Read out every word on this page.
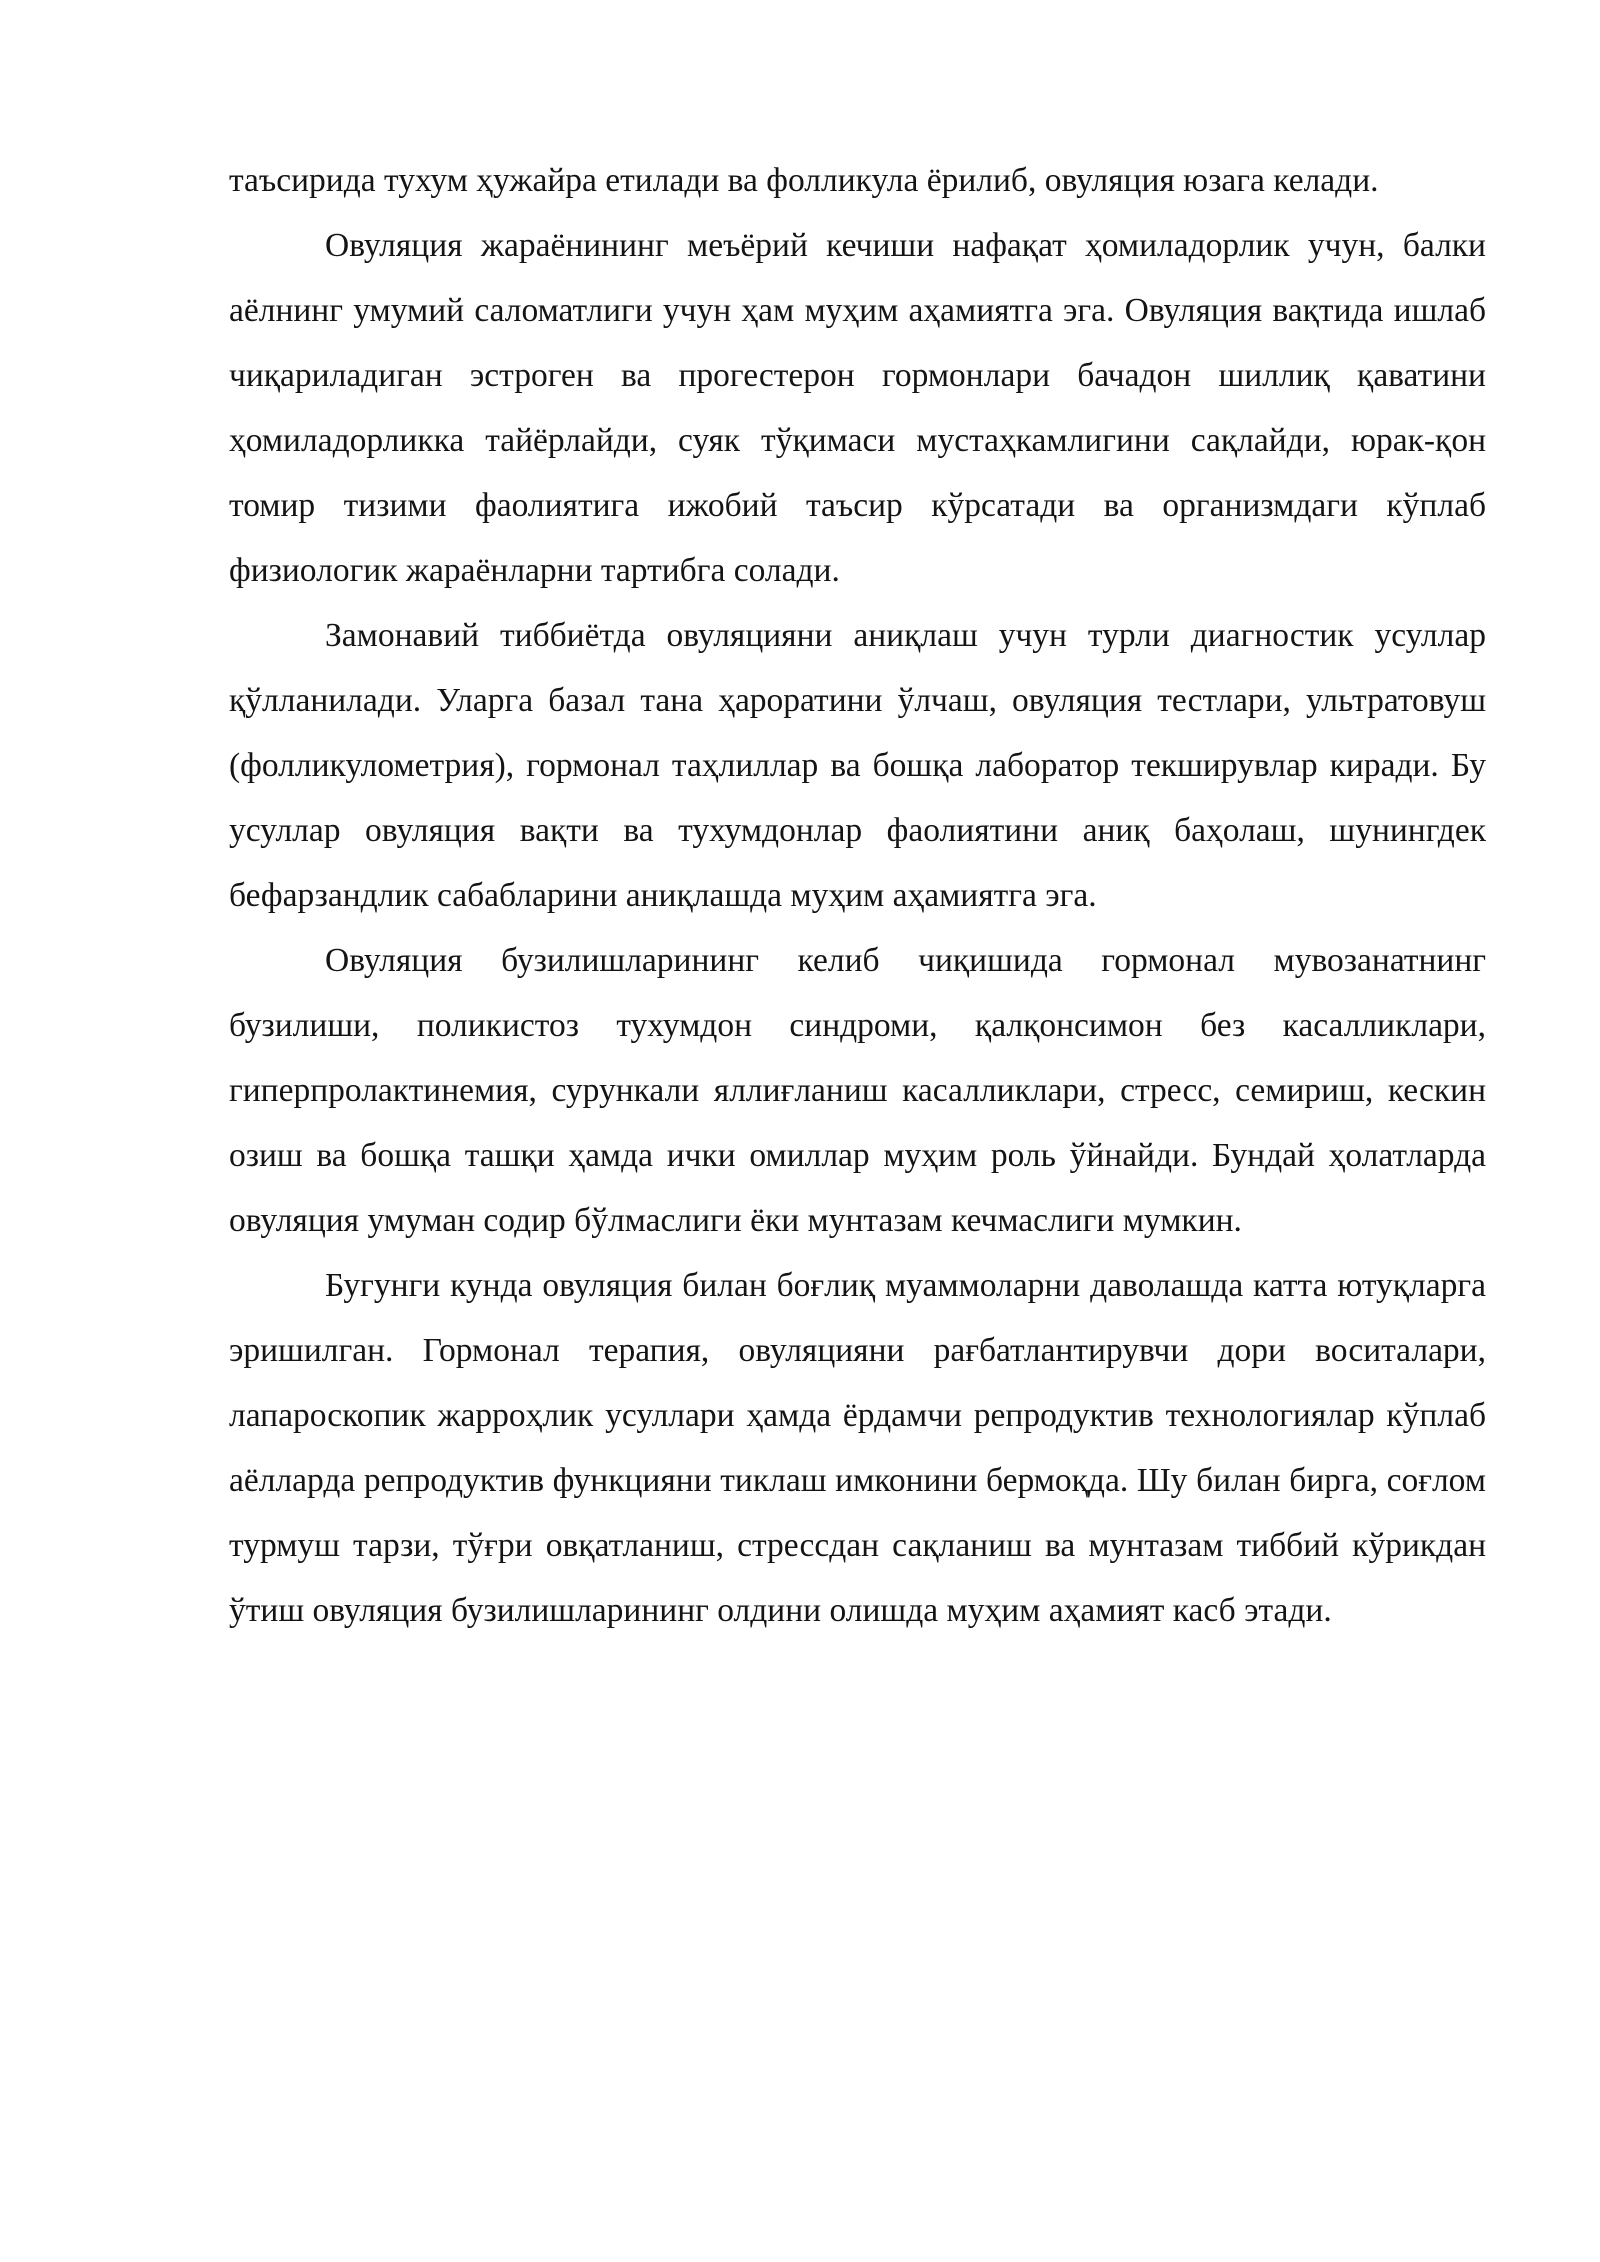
таъсирида тухум ҳужайра етилади ва фолликула ёрилиб, овуляция юзага келади.

Овуляция жараёнининг меъёрий кечиши нафақат ҳомиладорлик учун, балки аёлнинг умумий саломатлиги учун ҳам муҳим аҳамиятга эга. Овуляция вақтида ишлаб чиқариладиган эстроген ва прогестерон гормонлари бачадон шиллиқ қаватини ҳомиладорликка тайёрлайди, суяк тўқимаси мустаҳкамлигини сақлайди, юрак-қон томир тизими фаолиятига ижобий таъсир кўрсатади ва организмдаги кўплаб физиологик жараёнларни тартибга солади.

Замонавий тиббиётда овуляцияни аниқлаш учун турли диагностик усуллар қўлланилади. Уларга базал тана ҳароратини ўлчаш, овуляция тестлари, ультратовуш (фолликулометрия), гормонал таҳлиллар ва бошқа лаборатор текширувлар киради. Бу усуллар овуляция вақти ва тухумдонлар фаолиятини аниқ баҳолаш, шунингдек бефарзандлик сабабларини аниқлашда муҳим аҳамиятга эга.

Овуляция бузилишларининг келиб чиқишида гормонал мувозанатнинг бузилиши, поликистоз тухумдон синдроми, қалқонсимон без касалликлари, гиперпролактинемия, сурункали яллиғланиш касалликлари, стресс, семириш, кескин озиш ва бошқа ташқи ҳамда ички омиллар муҳим роль ўйнайди. Бундай ҳолатларда овуляция умуман содир бўлмаслиги ёки мунтазам кечмаслиги мумкин.

Бугунги кунда овуляция билан боғлиқ муаммоларни даволашда катта ютуқларга эришилган. Гормонал терапия, овуляцияни рағбатлантирувчи дори воситалари, лапароскопик жарроҳлик усуллари ҳамда ёрдамчи репродуктив технологиялар кўплаб аёлларда репродуктив функцияни тиклаш имконини бермоқда. Шу билан бирга, соғлом турмуш тарзи, тўғри овқатланиш, стрессдан сақланиш ва мунтазам тиббий кўрикдан ўтиш овуляция бузилишларининг олдини олишда муҳим аҳамият касб этади.
